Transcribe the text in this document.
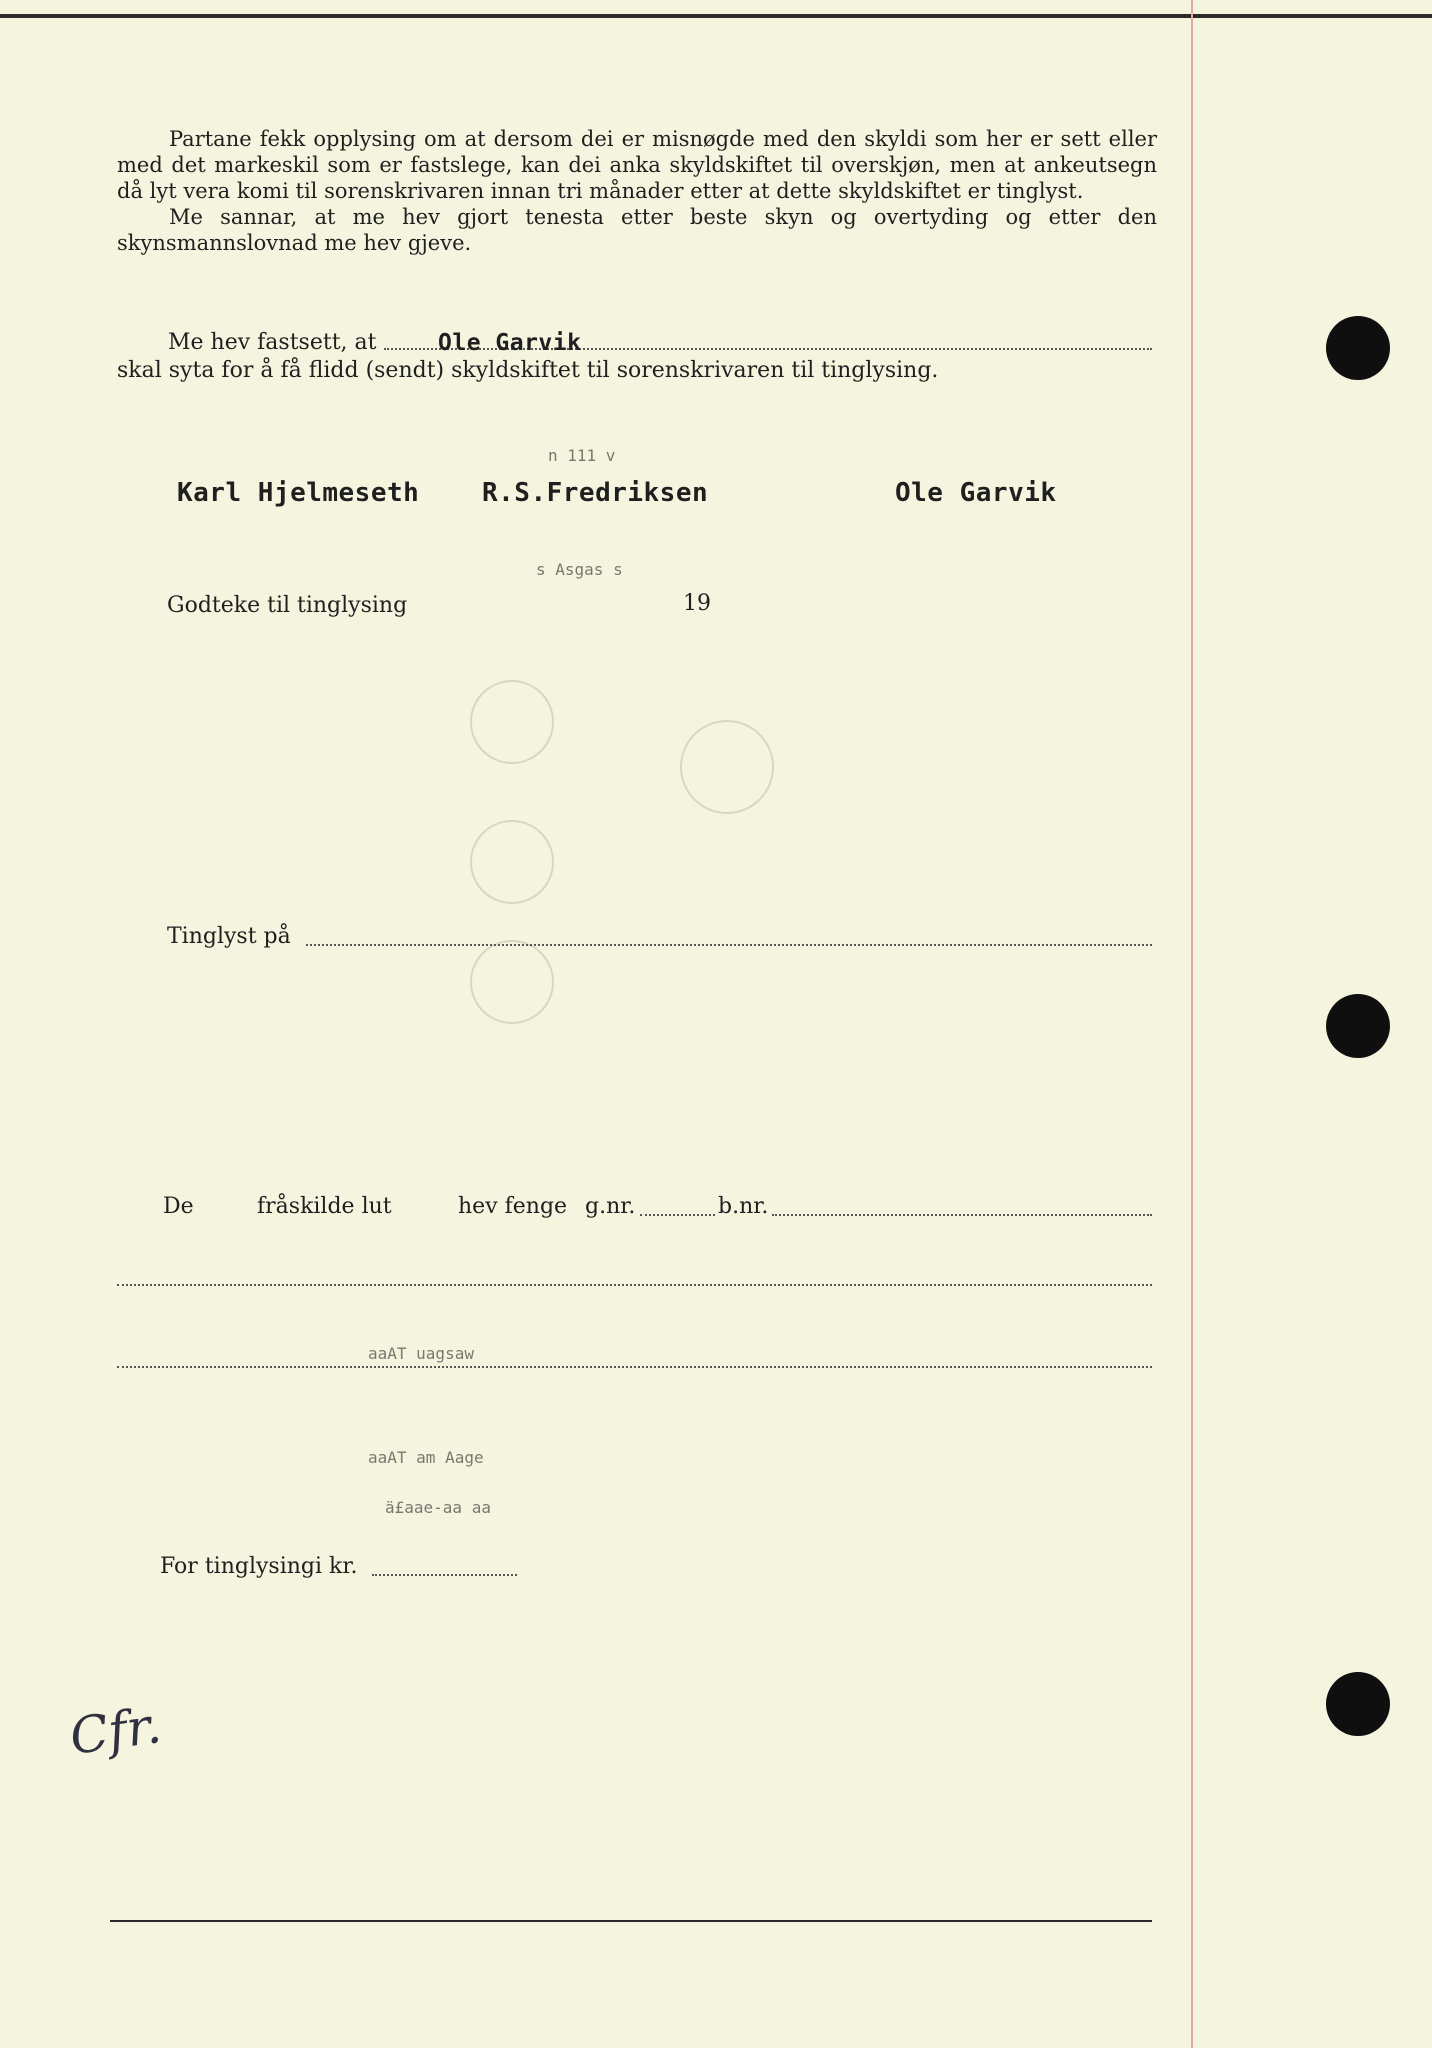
Partane fekk opplysing om at dersom dei er misnøgde med den skyldi som her er sett eller med det markeskil som er fastslege, kan dei anka skyldskiftet til overskjøn, men at ankeutsegn då lyt vera komi til sorenskrivaren innan tri månader etter at dette skyldskiftet er tinglyst.

Me sannar, at me hev gjort tenesta etter beste skyn og overtyding og etter den skynsmannslovnad me hev gjeve.

Me hev fastsett, at	Ole Garvik
skal syta for å få flidd (sendt) skyldskiftet til sorenskrivaren til tinglysing.
n 111 v
Karl Hjelmeseth R.S.Fredriksen	Ole Garvik
s Asgas s
Godteke til tinglysing	19
Tinglyst på
De	fråskilde lut	hev fenge g.nr.	b.nr.
aaAT uagsaw
aaAT am Aage
ä£aae-aa aa
For tinglysingi kr.
Cfr.
